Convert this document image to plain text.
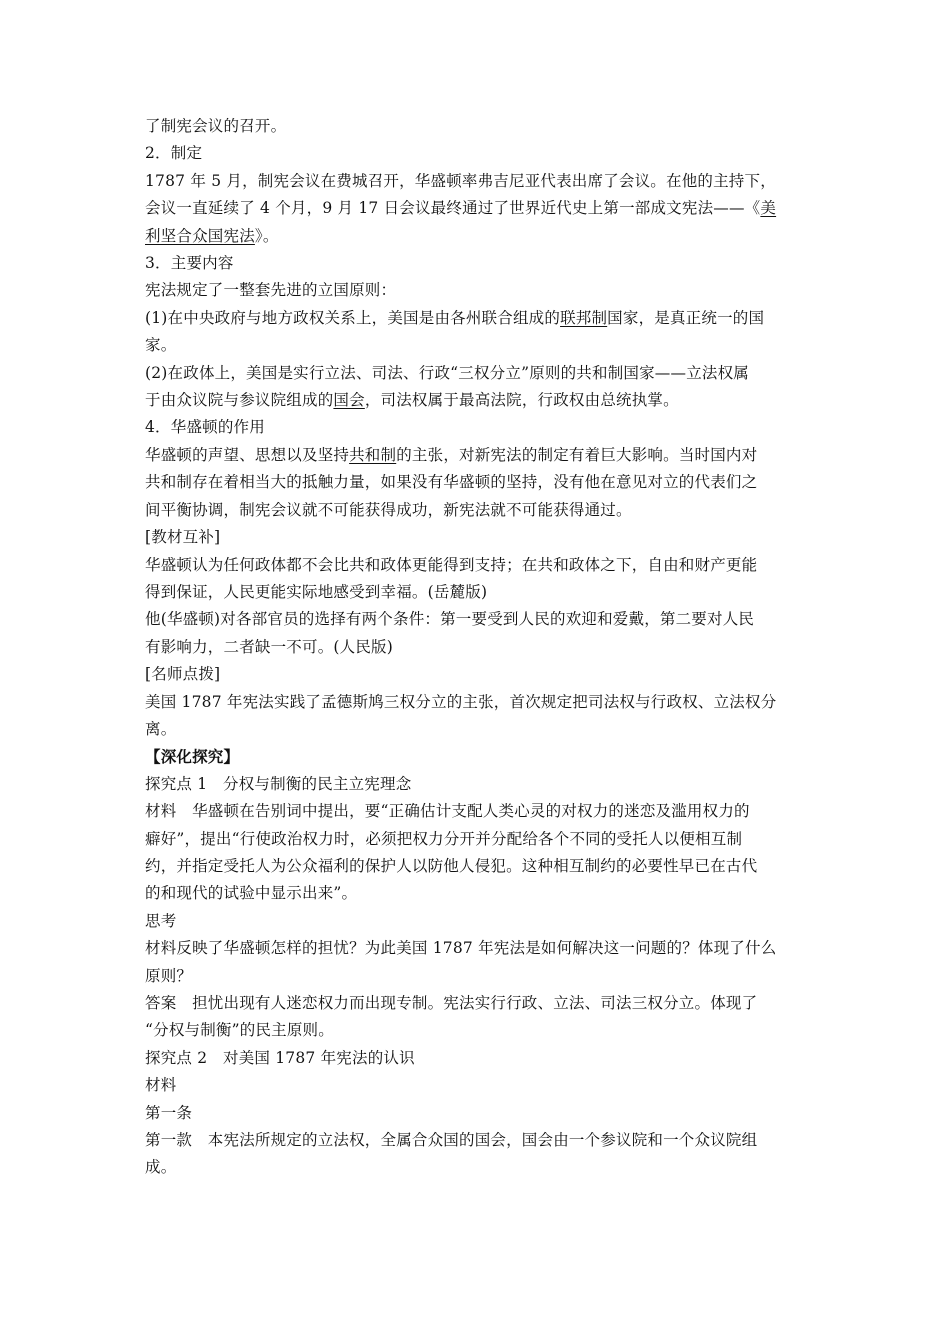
了制宪会议的召开。
2．制定
1787 年 5 月，制宪会议在费城召开，华盛顿率弗吉尼亚代表出席了会议。在他的主持下，
会议一直延续了 4 个月，9 月 17 日会议最终通过了世界近代史上第一部成文宪法——《美
利坚合众国宪法》。
3．主要内容
宪法规定了一整套先进的立国原则：
(1)在中央政府与地方政权关系上，美国是由各州联合组成的联邦制国家，是真正统一的国
家。
(2)在政体上，美国是实行立法、司法、行政“三权分立”原则的共和制国家——立法权属
于由众议院与参议院组成的国会，司法权属于最高法院，行政权由总统执掌。
4．华盛顿的作用
华盛顿的声望、思想以及坚持共和制的主张，对新宪法的制定有着巨大影响。当时国内对
共和制存在着相当大的抵触力量，如果没有华盛顿的坚持，没有他在意见对立的代表们之
间平衡协调，制宪会议就不可能获得成功，新宪法就不可能获得通过。
[教材互补]
华盛顿认为任何政体都不会比共和政体更能得到支持；在共和政体之下，自由和财产更能
得到保证，人民更能实际地感受到幸福。(岳麓版)
他(华盛顿)对各部官员的选择有两个条件：第一要受到人民的欢迎和爱戴，第二要对人民
有影响力，二者缺一不可。(人民版)
[名师点拨]
美国 1787 年宪法实践了孟德斯鸠三权分立的主张，首次规定把司法权与行政权、立法权分
离。
【深化探究】
探究点 1　分权与制衡的民主立宪理念
材料　华盛顿在告别词中提出，要“正确估计支配人类心灵的对权力的迷恋及滥用权力的
癖好”，提出“行使政治权力时，必须把权力分开并分配给各个不同的受托人以便相互制
约，并指定受托人为公众福利的保护人以防他人侵犯。这种相互制约的必要性早已在古代
的和现代的试验中显示出来”。
思考
材料反映了华盛顿怎样的担忧？为此美国 1787 年宪法是如何解决这一问题的？体现了什么
原则？
答案　担忧出现有人迷恋权力而出现专制。宪法实行行政、立法、司法三权分立。体现了
“分权与制衡”的民主原则。
探究点 2　对美国 1787 年宪法的认识
材料
第一条
第一款　本宪法所规定的立法权，全属合众国的国会，国会由一个参议院和一个众议院组
成。
